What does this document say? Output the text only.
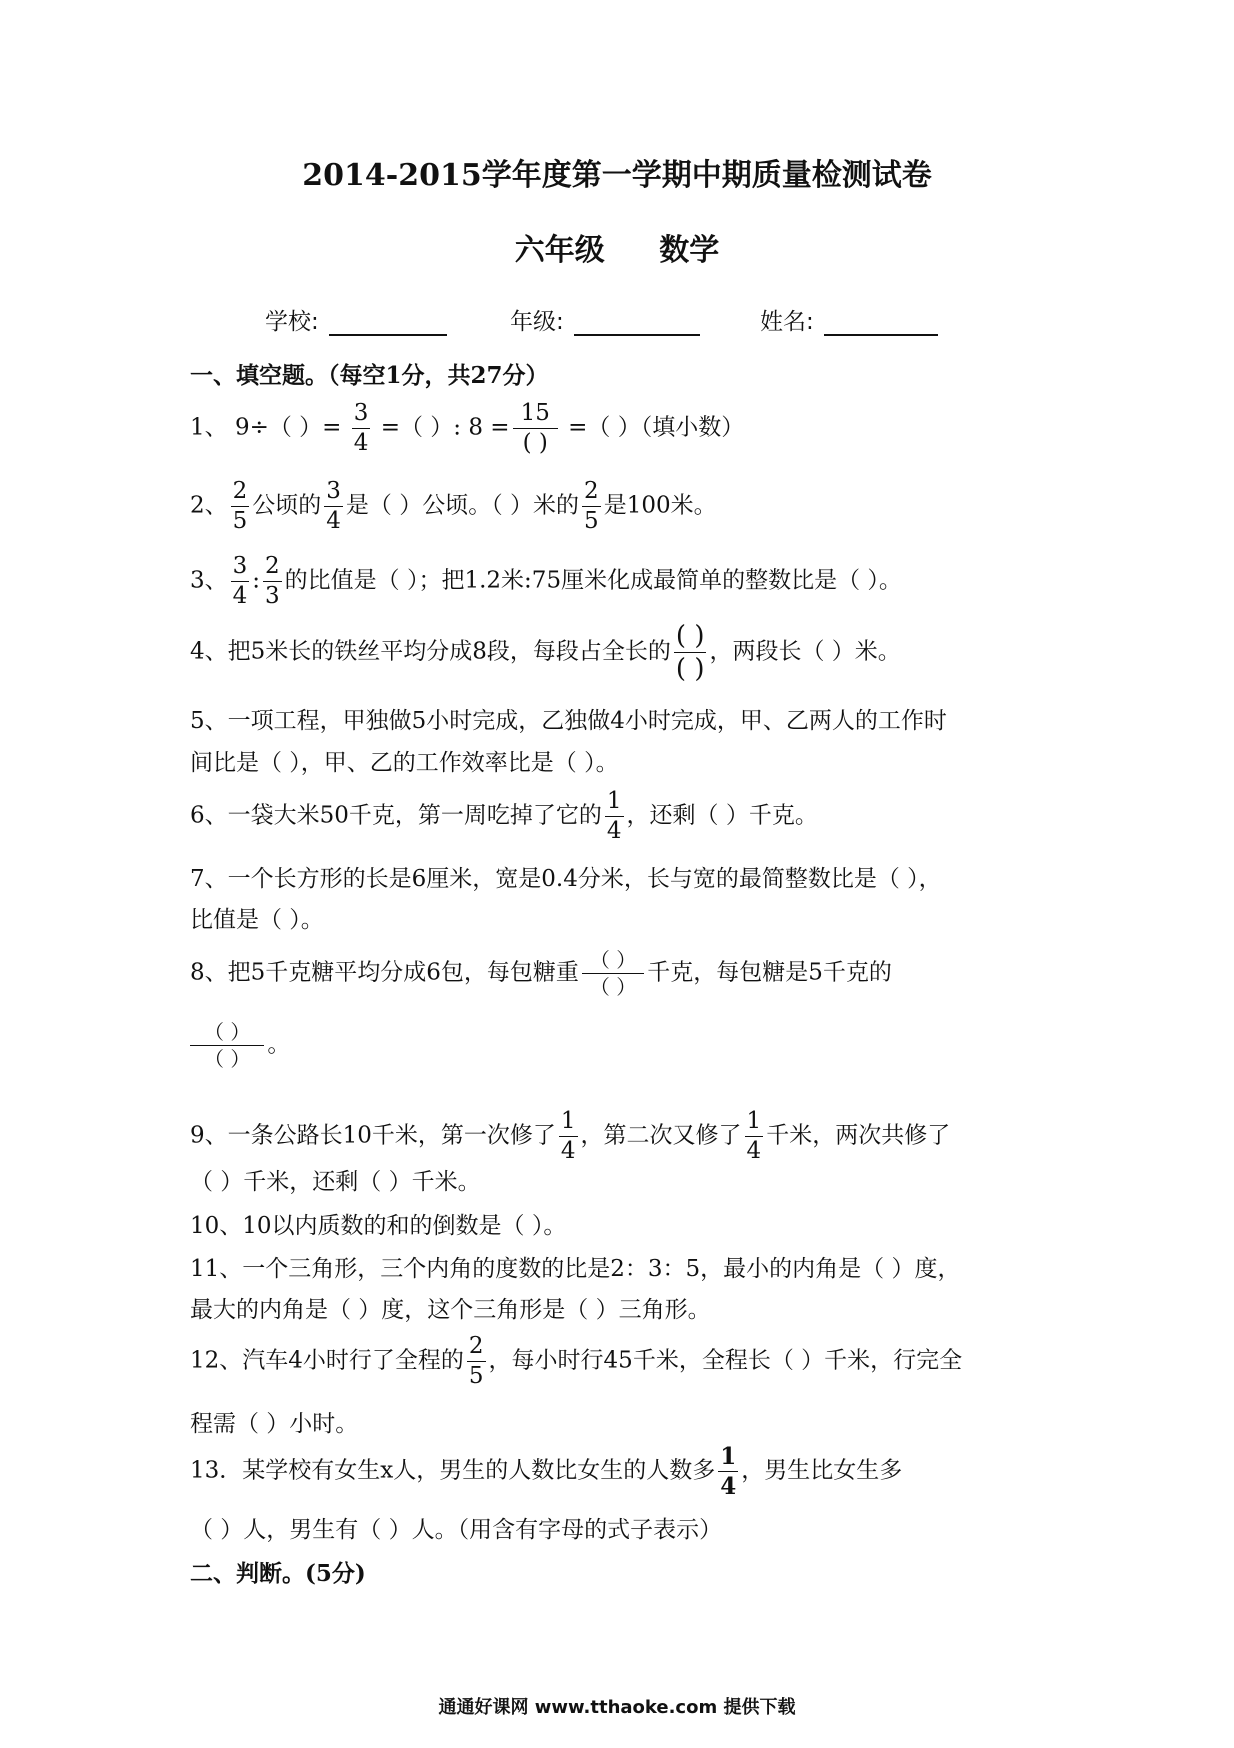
2014-2015学年度第一学期中期质量检测试卷
六年级 数学
学校:	年级:	姓名:
一、填空题。（每空1分，共27分）
1、 9÷（ ）= $\frac{3}{4}$ =（ ）: $8 = \frac{15}{( )}$ =（ ）（填小数）
2、 $\frac{2}{5}$ 公顷的 $\frac{3}{4}$ 是（ ）公顷。（ ）米的 $\frac{2}{5}$ 是100米。
3、 $\frac{3}{4}$ : $\frac{2}{3}$ 的比值是（ ）；把1.2米:75厘米化成最简单的整数比是（ ）。
4、把5米长的铁丝平均分成8段，每段占全长的 $\frac{( )}{( )}$ ，两段长（ ）米。
5、一项工程，甲独做5小时完成，乙独做4小时完成，甲、乙两人的工作时
间比是（ ），甲、乙的工作效率比是（ ）。
6、一袋大米50千克，第一周吃掉了它的 $\frac{1}{4}$ ，还剩（ ）千克。
7、一个长方形的长是6厘米，宽是0.4分米，长与宽的最简整数比是（ ），
比值是（ ）。
8、把5千克糖平均分成6包，每包糖重 $\frac{( )}{( )}$ 千克，每包糖是5千克的
$\frac{( )}{( )}$ 。
9、一条公路长10千米，第一次修了 $\frac{1}{4}$ ，第二次又修了 $\frac{1}{4}$ 千米，两次共修了
（ ）千米，还剩（ ）千米。
10、10以内质数的和的倒数是（ ）。
11、一个三角形，三个内角的度数的比是2：3：5，最小的内角是（ ）度，
最大的内角是（ ）度，这个三角形是（ ）三角形。
12、汽车4小时行了全程的 $\frac{2}{5}$ ，每小时行45千米，全程长（ ）千米，行完全
程需（ ）小时。
13．某学校有女生x人，男生的人数比女生的人数多 $\frac{1}{4}$ ，男生比女生多
（ ）人，男生有（ ）人。（用含有字母的式子表示）
二、判断。(5分)
通通好课网 www.tthaoke.com 提供下载
